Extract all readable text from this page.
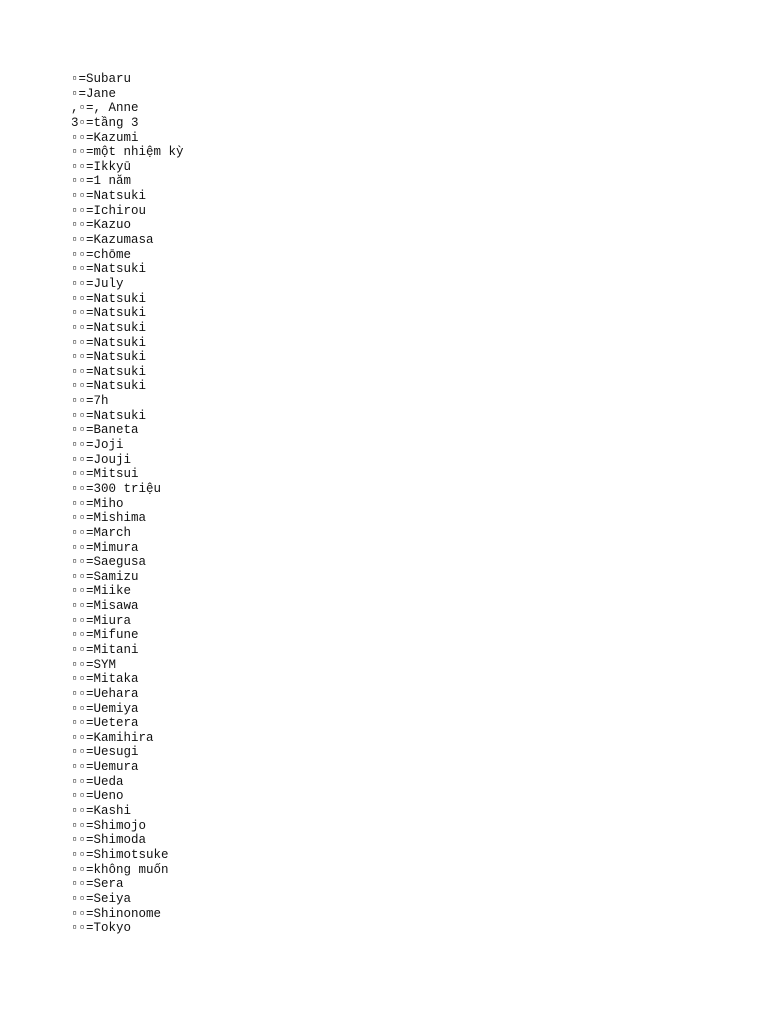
▫=Subaru
▫=Jane
,▫=, Anne
3▫=tầng 3
▫▫=Kazumi
▫▫=một nhiệm kỳ
▫▫=Ikkyū
▫▫=1 năm
▫▫=Natsuki
▫▫=Ichirou
▫▫=Kazuo
▫▫=Kazumasa
▫▫=chōme
▫▫=Natsuki
▫▫=July
▫▫=Natsuki
▫▫=Natsuki
▫▫=Natsuki
▫▫=Natsuki
▫▫=Natsuki
▫▫=Natsuki
▫▫=Natsuki
▫▫=7h
▫▫=Natsuki
▫▫=Baneta
▫▫=Joji
▫▫=Jouji
▫▫=Mitsui
▫▫=300 triệu
▫▫=Miho
▫▫=Mishima
▫▫=March
▫▫=Mimura
▫▫=Saegusa
▫▫=Samizu
▫▫=Miike
▫▫=Misawa
▫▫=Miura
▫▫=Mifune
▫▫=Mitani
▫▫=SYM
▫▫=Mitaka
▫▫=Uehara
▫▫=Uemiya
▫▫=Uetera
▫▫=Kamihira
▫▫=Uesugi
▫▫=Uemura
▫▫=Ueda
▫▫=Ueno
▫▫=Kashi
▫▫=Shimojo
▫▫=Shimoda
▫▫=Shimotsuke
▫▫=không muốn
▫▫=Sera
▫▫=Seiya
▫▫=Shinonome
▫▫=Tokyo
